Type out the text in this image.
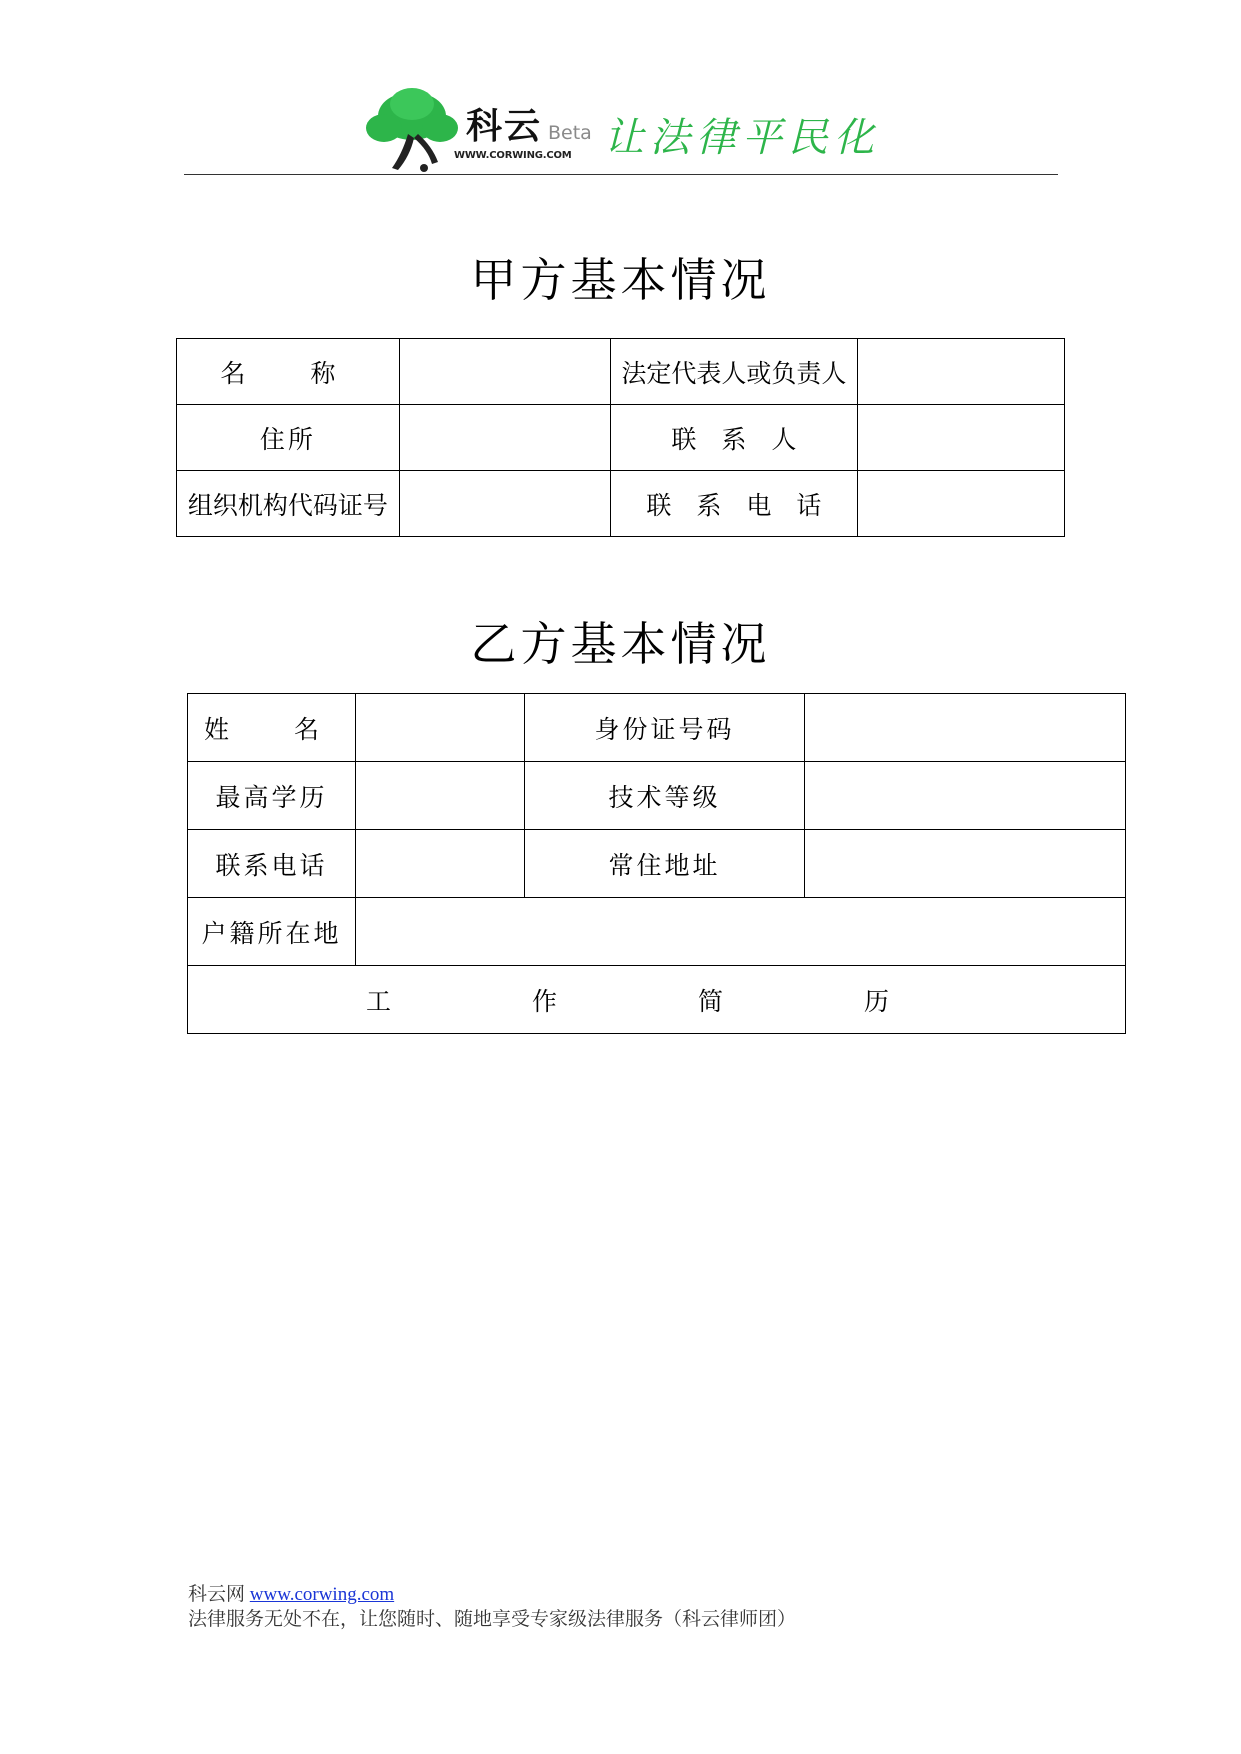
科云 Beta
WWW.CORWING.COM 让法律平民化
甲方基本情况
名　称		法定代表人或负责人	
住所		联　系　人	
组织机构代码证号		联　系　电　话	
乙方基本情况
姓　名		身份证号码	
最高学历		技术等级	
联系电话		常住地址	
户籍所在地			
工　作　简　历			
科云网 www.corwing.com
法律服务无处不在，让您随时、随地享受专家级法律服务（科云律师团）
